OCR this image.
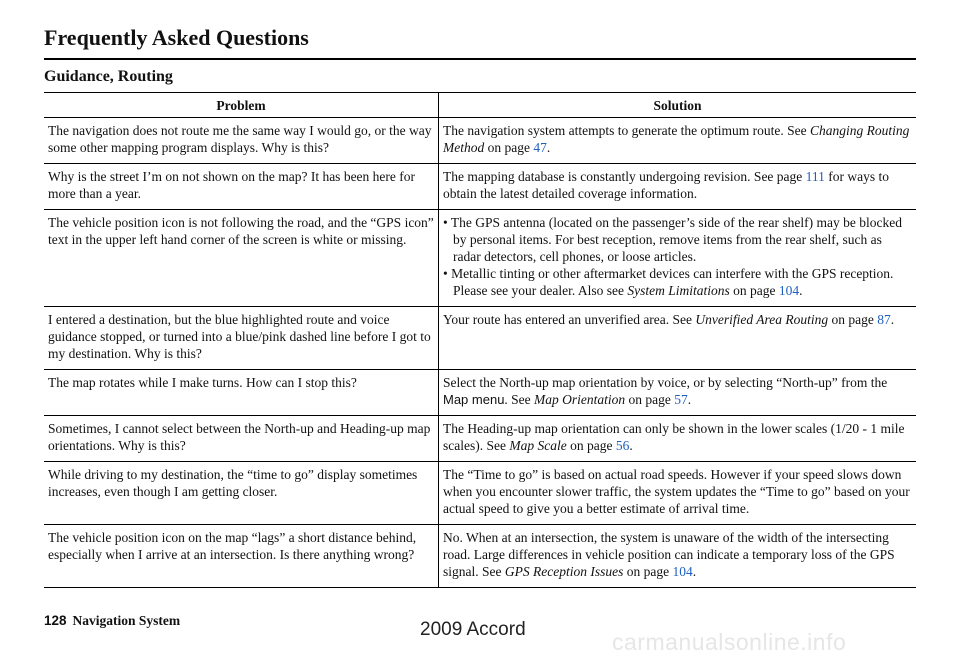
Frequently Asked Questions
Guidance, Routing
Problem	Solution
The navigation does not route me the same way I would go, or the way some other mapping program displays. Why is this?	The navigation system attempts to generate the optimum route. See Changing Routing Method on page 47.
Why is the street I’m on not shown on the map? It has been here for more than a year.	The mapping database is constantly undergoing revision. See page 111 for ways to obtain the latest detailed coverage information.
The vehicle position icon is not following the road, and the “GPS icon” text in the upper left hand corner of the screen is white or missing.	• The GPS antenna (located on the passenger’s side of the rear shelf) may be blocked by personal items. For best reception, remove items from the rear shelf, such as radar detectors, cell phones, or loose articles.
• Metallic tinting or other aftermarket devices can interfere with the GPS reception. Please see your dealer. Also see System Limitations on page 104.

I entered a destination, but the blue highlighted route and voice guidance stopped, or turned into a blue/pink dashed line before I got to my destination. Why is this?	Your route has entered an unverified area. See Unverified Area Routing on page 87.
The map rotates while I make turns. How can I stop this?	Select the North-up map orientation by voice, or by selecting “North-up” from the Map menu. See Map Orientation on page 57.
Sometimes, I cannot select between the North-up and Heading-up map orientations. Why is this?	The Heading-up map orientation can only be shown in the lower scales (1/20 - 1 mile scales). See Map Scale on page 56.
While driving to my destination, the “time to go” display sometimes increases, even though I am getting closer.	The “Time to go” is based on actual road speeds. However if your speed slows down when you encounter slower traffic, the system updates the “Time to go” based on your actual speed to give you a better estimate of arrival time.
The vehicle position icon on the map “lags” a short distance behind, especially when I arrive at an intersection. Is there anything wrong?	No. When at an intersection, the system is unaware of the width of the intersecting road. Large differences in vehicle position can indicate a temporary loss of the GPS signal. See GPS Reception Issues on page 104.
128 Navigation System	2009 Accord	carmanualsonline.info
